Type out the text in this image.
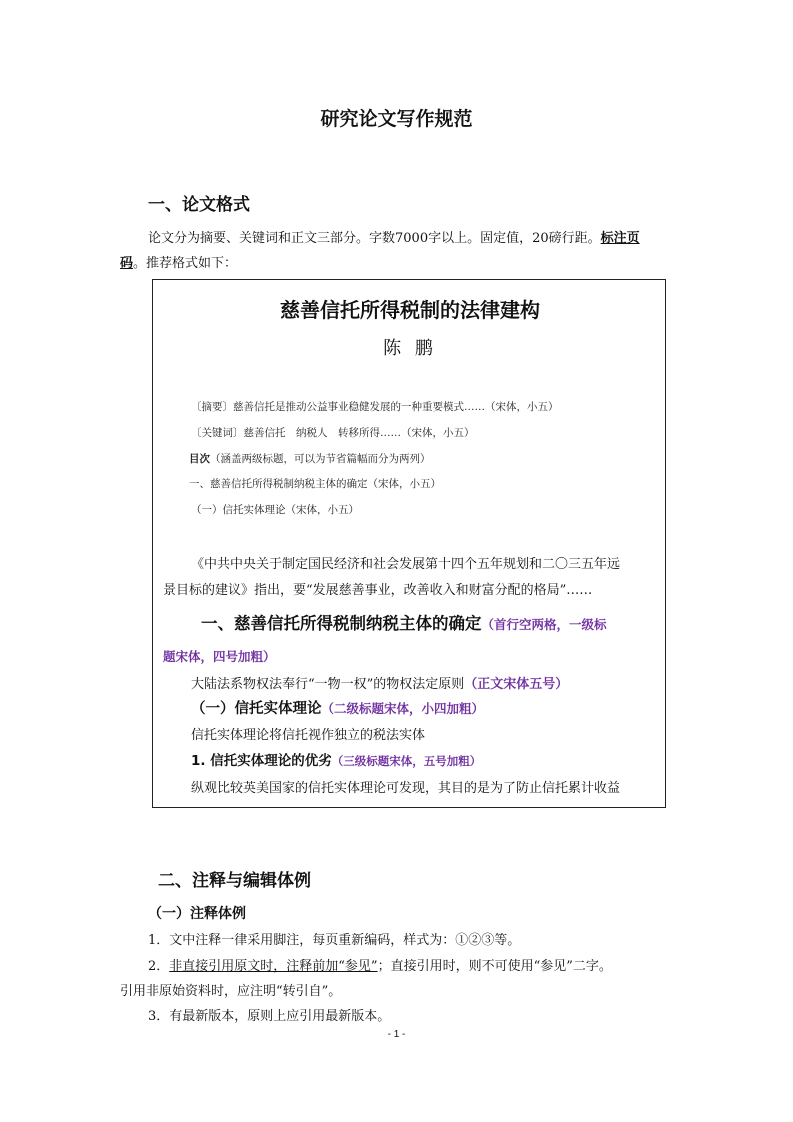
研究论文写作规范
一、论文格式
论文分为摘要、关键词和正文三部分。字数7000字以上。固定值，20磅行距。标注页
码。推荐格式如下：
慈善信托所得税制的法律建构
陈 鹏
〔摘要〕慈善信托是推动公益事业稳健发展的一种重要模式……（宋体，小五）
〔关键词〕慈善信托　纳税人　转移所得……（宋体，小五）
目次（涵盖两级标题，可以为节省篇幅而分为两列）
一、慈善信托所得税制纳税主体的确定（宋体，小五）
（一）信托实体理论（宋体，小五）
《中共中央关于制定国民经济和社会发展第十四个五年规划和二〇三五年远
景目标的建议》指出，要“发展慈善事业，改善收入和财富分配的格局”……
一、慈善信托所得税制纳税主体的确定（首行空两格，一级标
题宋体，四号加粗）
大陆法系物权法奉行“一物一权”的物权法定原则（正文宋体五号）
（一）信托实体理论（二级标题宋体，小四加粗）
信托实体理论将信托视作独立的税法实体
1. 信托实体理论的优劣（三级标题宋体，五号加粗）
纵观比较英美国家的信托实体理论可发现，其目的是为了防止信托累计收益
二、注释与编辑体例
（一）注释体例
1．文中注释一律采用脚注，每页重新编码，样式为：①②③等。
2．非直接引用原文时，注释前加“参见”；直接引用时，则不可使用“参见”二字。
引用非原始资料时，应注明“转引自”。
3．有最新版本，原则上应引用最新版本。
- 1 -
